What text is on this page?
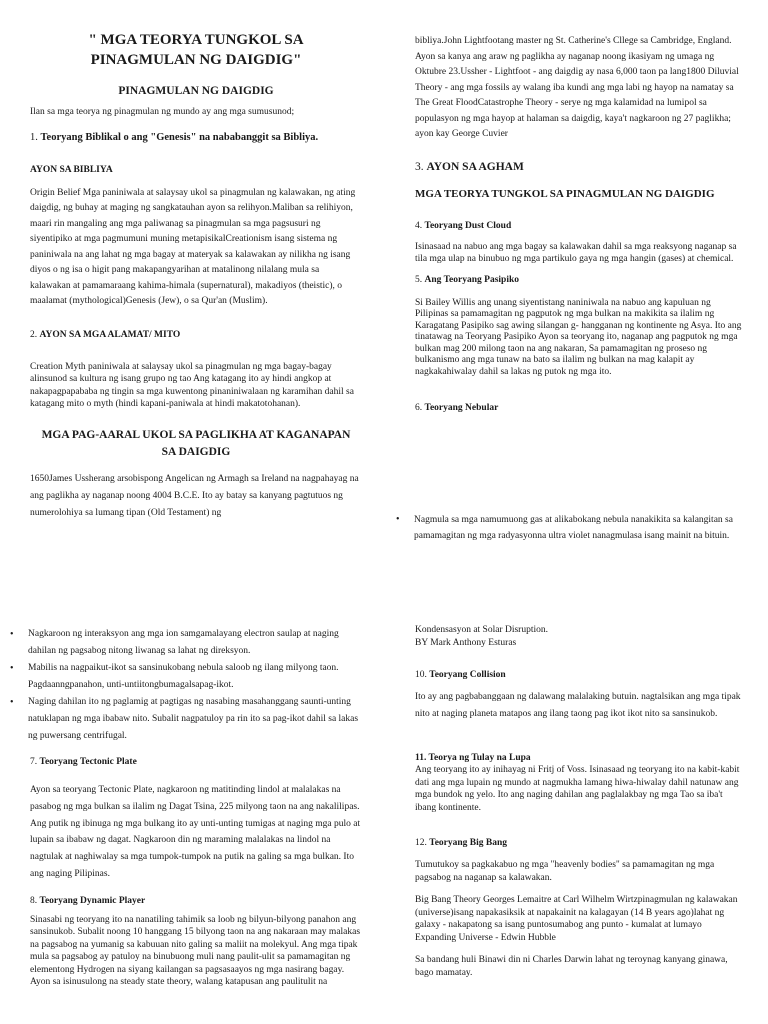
" MGA TEORYA TUNGKOL SA
PINAGMULAN NG DAIGDIG"

PINAGMULAN NG DAIGDIG

Ilan sa mga teorya ng pinagmulan ng mundo ay ang mga sumusunod;

1. Teoryang Biblikal o ang "Genesis" na nababanggit sa Bibliya.

AYON SA BIBLIYA

Origin Belief Mga paniniwala at salaysay ukol sa pinagmulan ng kalawakan, ng ating daigdig, ng buhay at maging ng sangkatauhan ayon sa relihyon.Maliban sa relihiyon, maari rin mangaling ang mga paliwanag sa pinagmulan sa mga pagsusuri ng siyentipiko at mga pagmumuni muning metapisikalCreationism isang sistema ng paniniwala na ang lahat ng mga bagay at materyak sa kalawakan ay nilikha ng isang diyos o ng isa o higit pang makapangyarihan at matalinong nilalang mula sa kalawakan at pamamaraang kahima-himala (supernatural), makadiyos (theistic), o maalamat (mythological)Genesis (Jew), o sa Qur'an (Muslim).

2. AYON SA MGA ALAMAT/ MITO

Creation Myth paniniwala at salaysay ukol sa pinagmulan ng mga bagay-bagay alinsunod sa kultura ng isang grupo ng tao Ang katagang ito ay hindi angkop at nakapagpapababa ng tingin sa mga kuwentong pinaniniwalaan ng karamihan dahil sa katagang mito o myth (hindi kapani-paniwala at hindi makatotohanan).

MGA PAG-AARAL UKOL SA PAGLIKHA AT KAGANAPAN
SA DAIGDIG

1650James Ussherang arsobispong Angelican ng Armagh sa Ireland na nagpahayag na ang paglikha ay naganap noong 4004 B.C.E. Ito ay batay sa kanyang pagtutuos ng numerolohiya sa lumang tipan (Old Testament) ng

• Nagkaroon ng interaksyon ang mga ion samgamalayang electron saulap at naging dahilan ng pagsabog nitong liwanag sa lahat ng direksyon.
• Mabilis na nagpaikut-ikot sa sansinukobang nebula saloob ng ilang milyong taon. Pagdaanngpanahon, unti-untiitongbumagalsapag-ikot.
• Naging dahilan ito ng paglamig at pagtigas ng nasabing masahanggang saunti-unting natuklapan ng mga ibabaw nito. Subalit nagpatuloy pa rin ito sa pag-ikot dahil sa lakas ng puwersang centrifugal.

7. Teoryang Tectonic Plate

Ayon sa teoryang Tectonic Plate, nagkaroon ng matitinding lindol at malalakas na pasabog ng mga bulkan sa ilalim ng Dagat Tsina, 225 milyong taon na ang nakalilipas. Ang putik ng ibinuga ng mga bulkang ito ay unti-unting tumigas at naging mga pulo at lupain sa ibabaw ng dagat. Nagkaroon din ng maraming malalakas na lindol na nagtulak at naghiwalay sa mga tumpok-tumpok na putik na galing sa mga bulkan. Ito ang naging Pilipinas.

8. Teoryang Dynamic Player

Sinasabi ng teoryang ito na nanatiling tahimik sa loob ng bilyun-bilyong panahon ang sansinukob. Subalit noong 10 hanggang 15 bilyong taon na ang nakaraan may malakas na pagsabog na yumanig sa kabuuan nito galing sa maliit na molekyul. Ang mga tipak mula sa pagsabog ay patuloy na binubuong muli nang paulit-ulit sa pamamagitan ng elementong Hydrogen na siyang kailangan sa pagsasaayos ng mga nasirang bagay. Ayon sa isinusulong na steady state theory, walang katapusan ang paulitulit na

bibliya.John Lightfootang master ng St. Catherine's Cllege sa Cambridge, England. Ayon sa kanya ang araw ng paglikha ay naganap noong ikasiyam ng umaga ng Oktubre 23.Ussher - Lightfoot - ang daigdig ay nasa 6,000 taon pa lang1800 Diluvial Theory - ang mga fossils ay walang iba kundi ang mga labi ng hayop na namatay sa The Great FloodCatastrophe Theory - serye ng mga kalamidad na lumipol sa populasyon ng mga hayop at halaman sa daigdig, kaya't nagkaroon ng 27 paglikha; ayon kay George Cuvier

3. AYON SA AGHAM

MGA TEORYA TUNGKOL SA PINAGMULAN NG DAIGDIG

4. Teoryang Dust Cloud

Isinasaad na nabuo ang mga bagay sa kalawakan dahil sa mga reaksyong naganap sa tila mga ulap na binubuo ng mga partikulo gaya ng mga hangin (gases) at chemical.

5. Ang Teoryang Pasipiko

Si Bailey Willis ang unang siyentistang naniniwala na nabuo ang kapuluan ng Pilipinas sa pamamagitan ng pagputok ng mga bulkan na makikita sa ilalim ng Karagatang Pasipiko sag awing silangan g- hangganan ng kontinente ng Asya. Ito ang tinatawag na Teoryang Pasipiko Ayon sa teoryang ito, naganap ang pagputok ng mga bulkan mag 200 milong taon na ang nakaran, Sa pamamagitan ng proseso ng bulkanismo ang mga tunaw na bato sa ilalim ng bulkan na mag kalapit ay nagkakahiwalay dahil sa lakas ng putok ng mga ito.

6. Teoryang Nebular

• Nagmula sa mga namumuong gas at alikabokang nebula nanakikita sa kalangitan sa pamamagitan ng mga radyasyonna ultra violet nanagmulasa isang mainit na bituin.

Kondensasyon at Solar Disruption.

BY Mark Anthony Esturas

10. Teoryang Collision

Ito ay ang pagbabanggaan ng dalawang malalaking butuin. nagtalsikan ang mga tipak nito at naging planeta matapos ang ilang taong pag ikot ikot nito sa sansinukob.

11. Teorya ng Tulay na Lupa

Ang teoryang ito ay inihayag ni Fritj of Voss. Isinasaad ng teoryang ito na kabit-kabit dati ang mga lupain ng mundo at nagmukha lamang hiwa-hiwalay dahil natunaw ang mga bundok ng yelo. Ito ang naging dahilan ang paglalakbay ng mga Tao sa iba't ibang kontinente.

12. Teoryang Big Bang

Tumutukoy sa pagkakabuo ng mga "heavenly bodies" sa pamamagitan ng mga pagsabog na naganap sa kalawakan.

Big Bang Theory Georges Lemaitre at Carl Wilhelm Wirtzpinagmulan ng kalawakan (universe)isang napakasiksik at napakainit na kalagayan (14 B years ago)lahat ng galaxy - nakapatong sa isang puntosumabog ang punto - kumalat at lumayo Expanding Universe - Edwin Hubble

Sa bandang huli Binawi din ni Charles Darwin lahat ng teroynag kanyang ginawa, bago mamatay.
